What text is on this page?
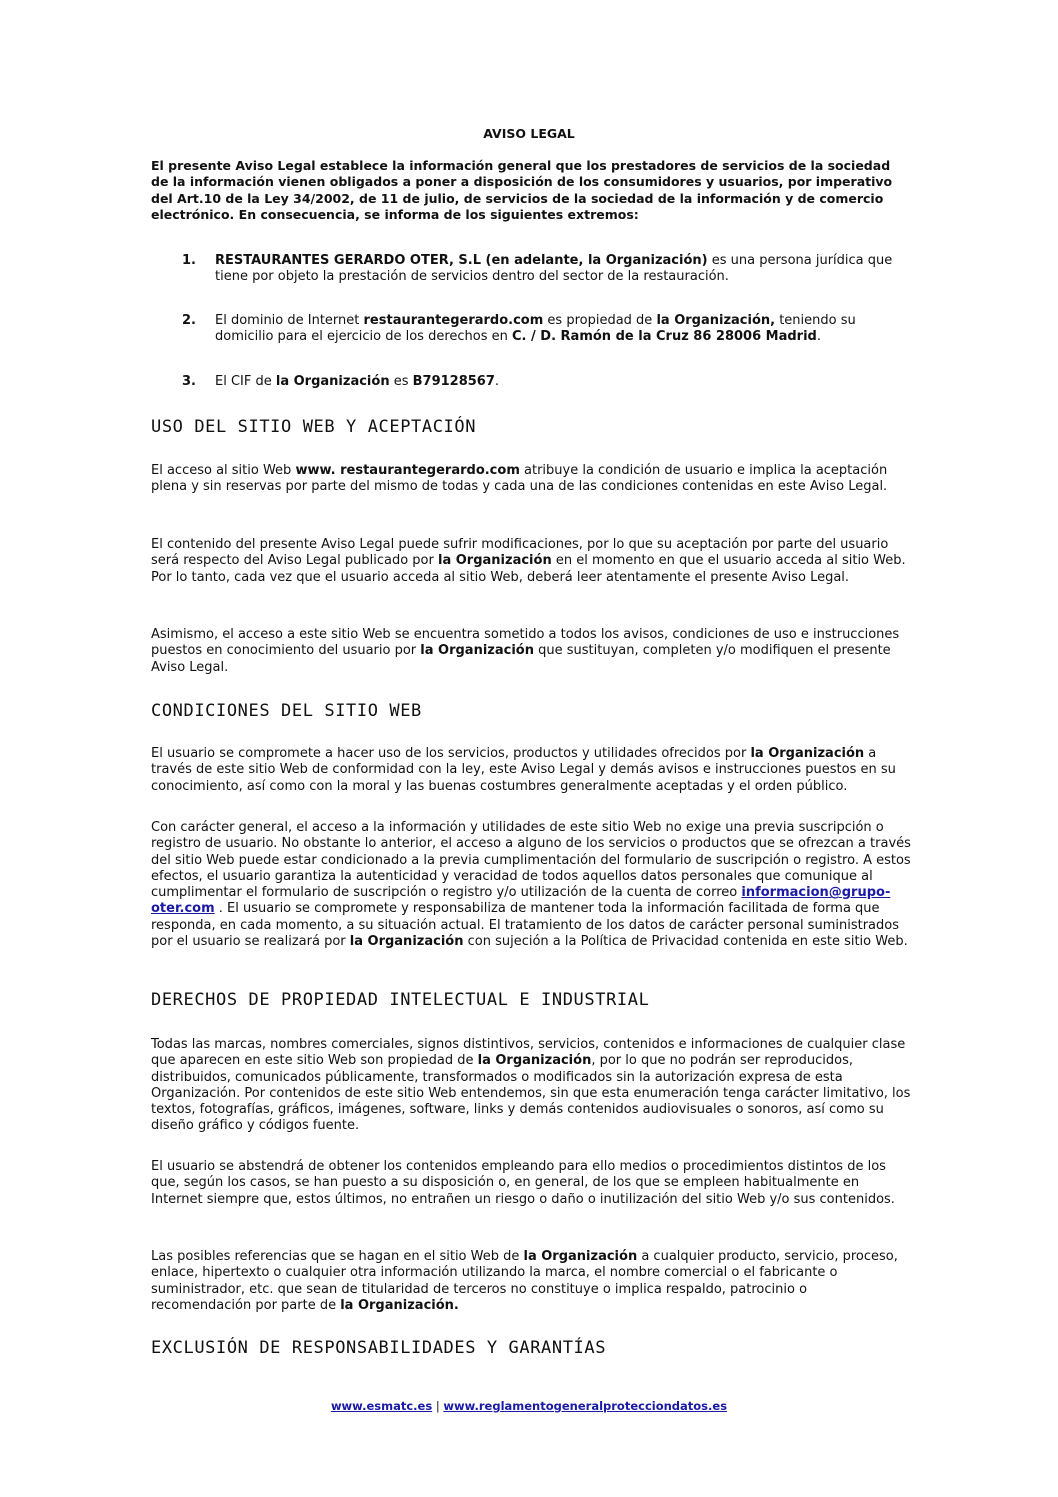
AVISO LEGAL

El presente Aviso Legal establece la información general que los prestadores de servicios de la sociedad de la información vienen obligados a poner a disposición de los consumidores y usuarios, por imperativo del Art.10 de la Ley 34/2002, de 11 de julio, de servicios de la sociedad de la información y de comercio electrónico. En consecuencia, se informa de los siguientes extremos:

1. RESTAURANTES GERARDO OTER, S.L (en adelante, la Organización) es una persona jurídica que tiene por objeto la prestación de servicios dentro del sector de la restauración.

2. El dominio de Internet restaurantegerardo.com es propiedad de la Organización, teniendo su domicilio para el ejercicio de los derechos en C. / D. Ramón de la Cruz 86 28006 Madrid.

3. El CIF de la Organización es B79128567.

USO DEL SITIO WEB Y ACEPTACIÓN

El acceso al sitio Web www. restaurantegerardo.com atribuye la condición de usuario e implica la aceptación plena y sin reservas por parte del mismo de todas y cada una de las condiciones contenidas en este Aviso Legal.

El contenido del presente Aviso Legal puede sufrir modificaciones, por lo que su aceptación por parte del usuario será respecto del Aviso Legal publicado por la Organización en el momento en que el usuario acceda al sitio Web. Por lo tanto, cada vez que el usuario acceda al sitio Web, deberá leer atentamente el presente Aviso Legal.

Asimismo, el acceso a este sitio Web se encuentra sometido a todos los avisos, condiciones de uso e instrucciones puestos en conocimiento del usuario por la Organización que sustituyan, completen y/o modifiquen el presente Aviso Legal.

CONDICIONES DEL SITIO WEB

El usuario se compromete a hacer uso de los servicios, productos y utilidades ofrecidos por la Organización a través de este sitio Web de conformidad con la ley, este Aviso Legal y demás avisos e instrucciones puestos en su conocimiento, así como con la moral y las buenas costumbres generalmente aceptadas y el orden público.

Con carácter general, el acceso a la información y utilidades de este sitio Web no exige una previa suscripción o registro de usuario. No obstante lo anterior, el acceso a alguno de los servicios o productos que se ofrezcan a través del sitio Web puede estar condicionado a la previa cumplimentación del formulario de suscripción o registro. A estos efectos, el usuario garantiza la autenticidad y veracidad de todos aquellos datos personales que comunique al cumplimentar el formulario de suscripción o registro y/o utilización de la cuenta de correo informacion@grupo-oter.com . El usuario se compromete y responsabiliza de mantener toda la información facilitada de forma que responda, en cada momento, a su situación actual. El tratamiento de los datos de carácter personal suministrados por el usuario se realizará por la Organización con sujeción a la Política de Privacidad contenida en este sitio Web.

DERECHOS DE PROPIEDAD INTELECTUAL E INDUSTRIAL

Todas las marcas, nombres comerciales, signos distintivos, servicios, contenidos e informaciones de cualquier clase que aparecen en este sitio Web son propiedad de la Organización, por lo que no podrán ser reproducidos, distribuidos, comunicados públicamente, transformados o modificados sin la autorización expresa de esta Organización. Por contenidos de este sitio Web entendemos, sin que esta enumeración tenga carácter limitativo, los textos, fotografías, gráficos, imágenes, software, links y demás contenidos audiovisuales o sonoros, así como su diseño gráfico y códigos fuente.

El usuario se abstendrá de obtener los contenidos empleando para ello medios o procedimientos distintos de los que, según los casos, se han puesto a su disposición o, en general, de los que se empleen habitualmente en Internet siempre que, estos últimos, no entrañen un riesgo o daño o inutilización del sitio Web y/o sus contenidos.

Las posibles referencias que se hagan en el sitio Web de la Organización a cualquier producto, servicio, proceso, enlace, hipertexto o cualquier otra información utilizando la marca, el nombre comercial o el fabricante o suministrador, etc. que sean de titularidad de terceros no constituye o implica respaldo, patrocinio o recomendación por parte de la Organización.

EXCLUSIÓN DE RESPONSABILIDADES Y GARANTÍAS
www.esmatc.es | www.reglamentogeneralprotecciondatos.es
